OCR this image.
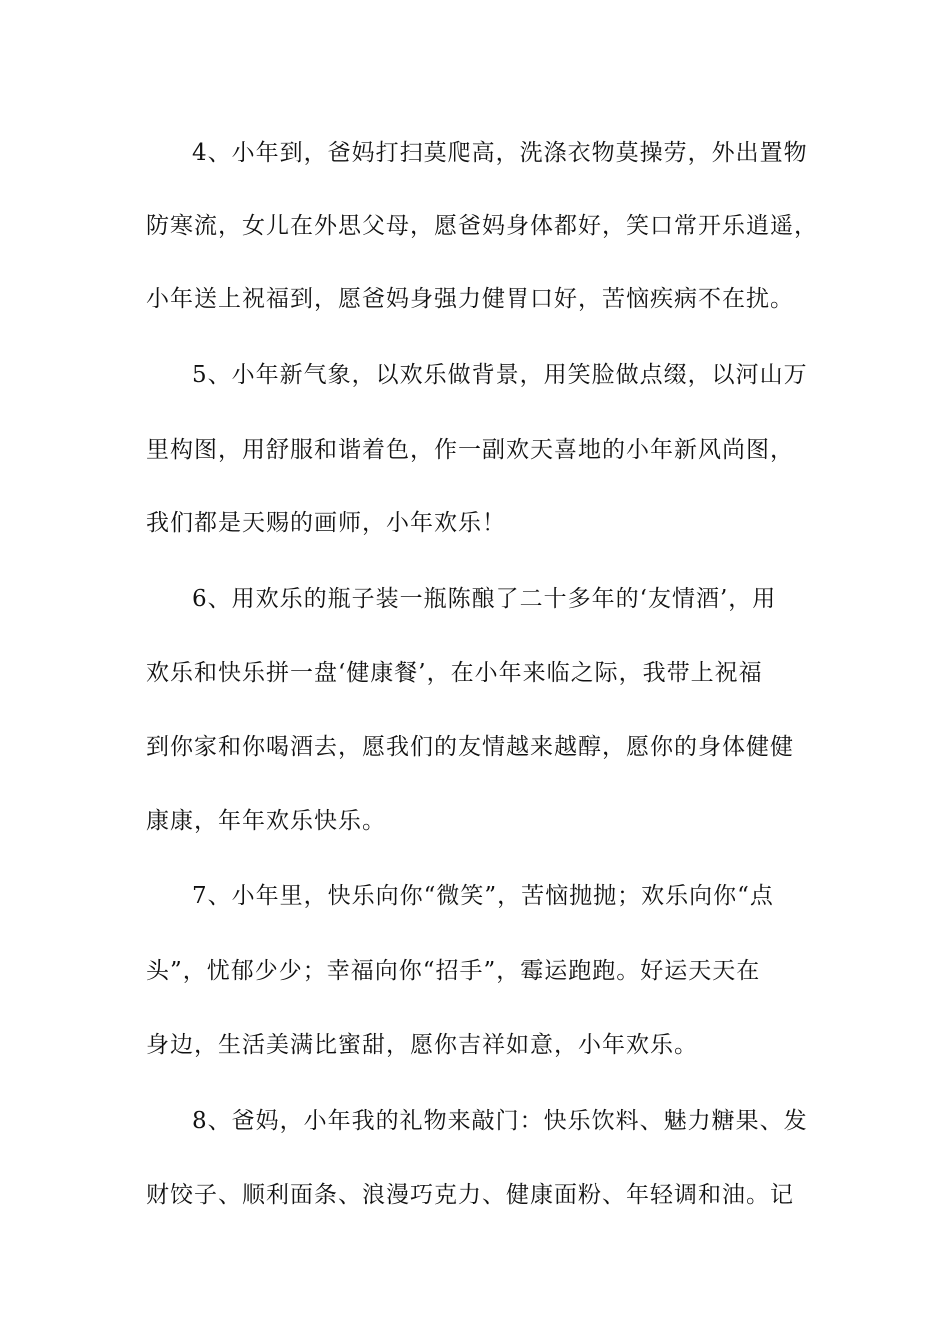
4、小年到，爸妈打扫莫爬高，洗涤衣物莫操劳，外出置物
防寒流，女儿在外思父母，愿爸妈身体都好，笑口常开乐逍遥，
小年送上祝福到，愿爸妈身强力健胃口好，苦恼疾病不在扰。
5、小年新气象，以欢乐做背景，用笑脸做点缀，以河山万
里构图，用舒服和谐着色，作一副欢天喜地的小年新风尚图，
我们都是天赐的画师，小年欢乐！
6、用欢乐的瓶子装一瓶陈酿了二十多年的‘友情酒’，用
欢乐和快乐拼一盘‘健康餐’，在小年来临之际，我带上祝福
到你家和你喝酒去，愿我们的友情越来越醇，愿你的身体健健
康康，年年欢乐快乐。
7、小年里，快乐向你“微笑”，苦恼抛抛；欢乐向你“点
头”，忧郁少少；幸福向你“招手”，霉运跑跑。好运天天在
身边，生活美满比蜜甜，愿你吉祥如意，小年欢乐。
8、爸妈，小年我的礼物来敲门：快乐饮料、魅力糖果、发
财饺子、顺利面条、浪漫巧克力、健康面粉、年轻调和油。记
